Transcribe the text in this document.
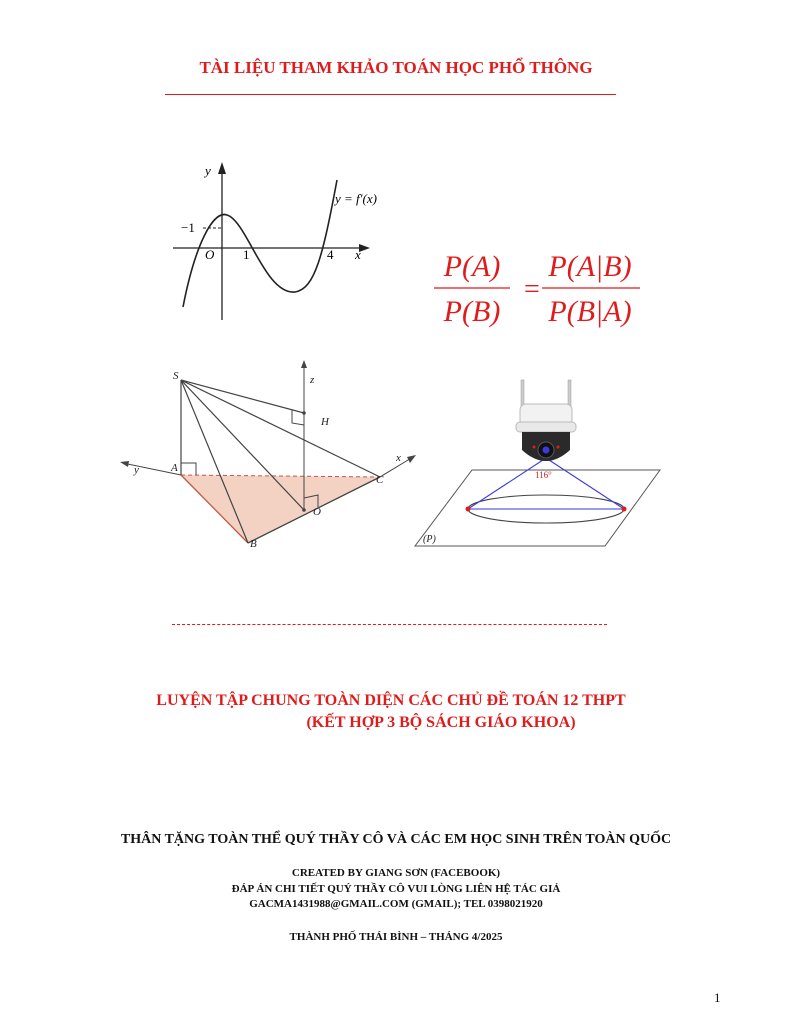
TÀI LIỆU THAM KHẢO TOÁN HỌC PHỔ THÔNG
y
x
O
−1
1	4
y = f′(x)
P(A)
P(B)
P(A|B)
P(B|A)
=
S
A
B
C
O
H
x
y
z
116°
(P)
LUYỆN TẬP CHUNG TOÀN DIỆN CÁC CHỦ ĐỀ TOÁN 12 THPT
(KẾT HỢP 3 BỘ SÁCH GIÁO KHOA)
THÂN TẶNG TOÀN THỂ QUÝ THẦY CÔ VÀ CÁC EM HỌC SINH TRÊN TOÀN QUỐC
CREATED BY GIANG SƠN (FACEBOOK)
ĐÁP ÁN CHI TIẾT QUÝ THẦY CÔ VUI LÒNG LIÊN HỆ TÁC GIẢ
GACMA1431988@GMAIL.COM (GMAIL); TEL 0398021920
THÀNH PHỐ THÁI BÌNH – THÁNG 4/2025
1
